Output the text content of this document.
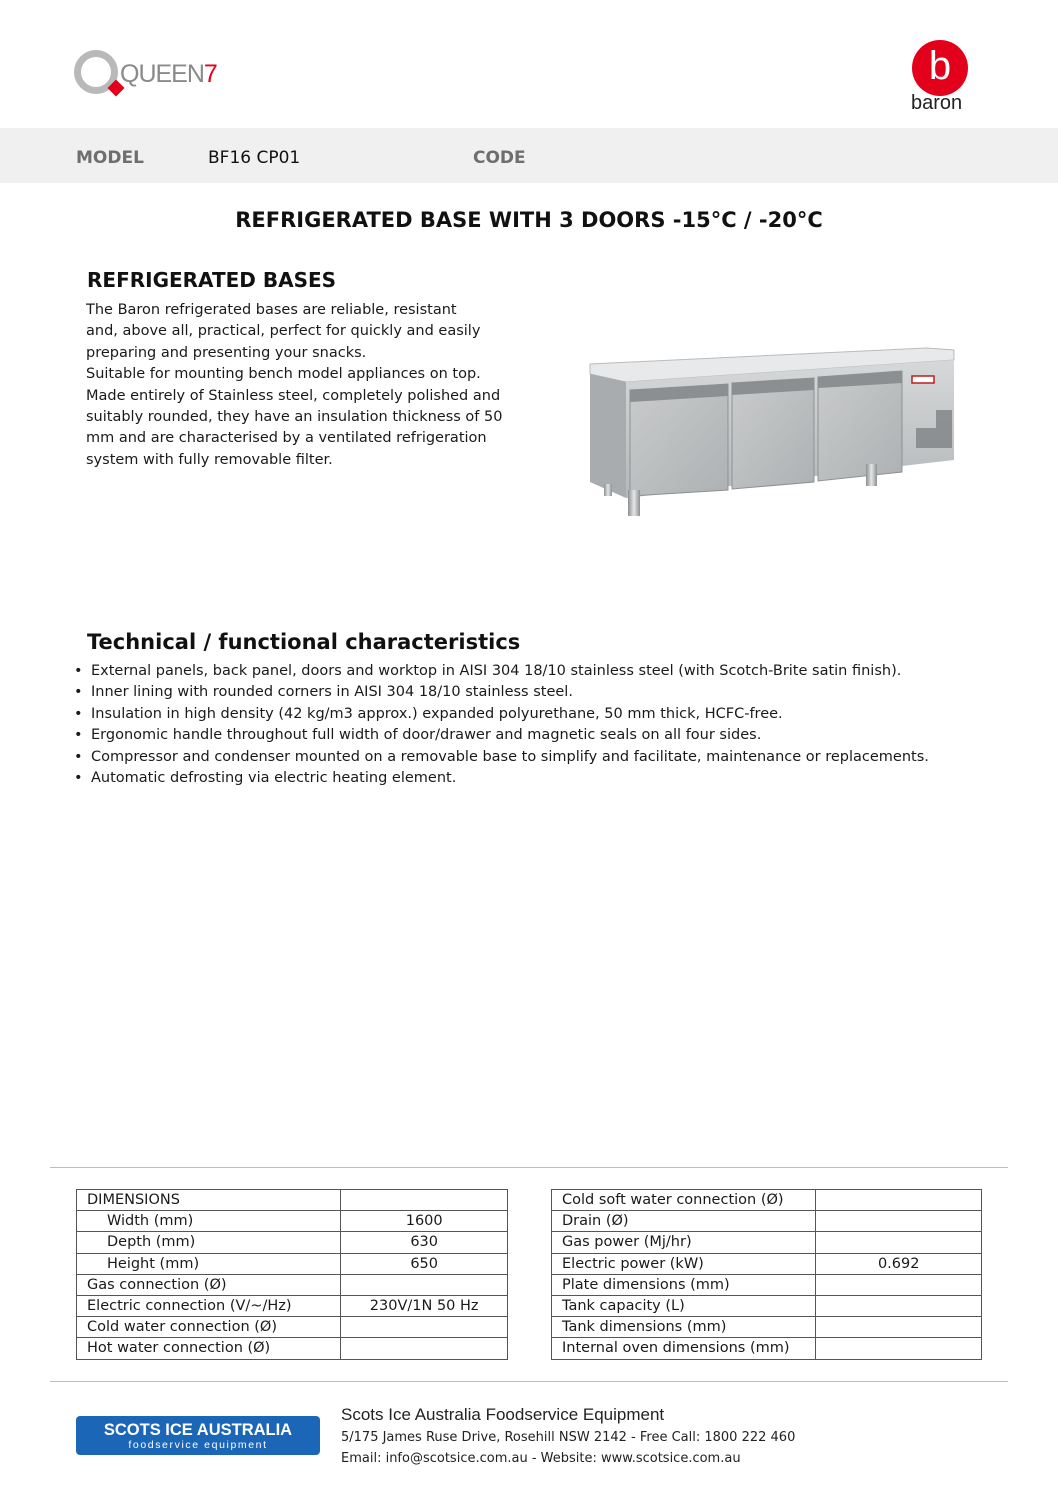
QUEEN7	b
baron
MODEL	BF16 CP01	CODE
REFRIGERATED BASE WITH 3 DOORS -15°C / -20°C
REFRIGERATED BASES
The Baron refrigerated bases are reliable, resistant
and, above all, practical, perfect for quickly and easily
preparing and presenting your snacks.
Suitable for mounting bench model appliances on top.
Made entirely of Stainless steel, completely polished and
suitably rounded, they have an insulation thickness of 50
mm and are characterised by a ventilated refrigeration
system with fully removable filter.
Technical / functional characteristics
• External panels, back panel, doors and worktop in AISI 304 18/10 stainless steel (with Scotch-Brite satin finish).
• Inner lining with rounded corners in AISI 304 18/10 stainless steel.
• Insulation in high density (42 kg/m3 approx.) expanded polyurethane, 50 mm thick, HCFC-free.
• Ergonomic handle throughout full width of door/drawer and magnetic seals on all four sides.
• Compressor and condenser mounted on a removable base to simplify and facilitate, maintenance or replacements.
• Automatic defrosting via electric heating element.
DIMENSIONS	
Width (mm)	1600
Depth (mm)	630
Height (mm)	650
Gas connection (Ø)	
Electric connection (V/~/Hz)	230V/1N 50 Hz
Cold water connection (Ø)	
Hot water connection (Ø)	
Cold soft water connection (Ø)	
Drain (Ø)	
Gas power (Mj/hr)	
Electric power (kW)	0.692
Plate dimensions (mm)	
Tank capacity (L)	
Tank dimensions (mm)	
Internal oven dimensions (mm)	
SCOTS ICE AUSTRALIA
foodservice equipment
Scots Ice Australia Foodservice Equipment
5/175 James Ruse Drive, Rosehill NSW 2142 - Free Call: 1800 222 460
Email: info@scotsice.com.au - Website: www.scotsice.com.au
